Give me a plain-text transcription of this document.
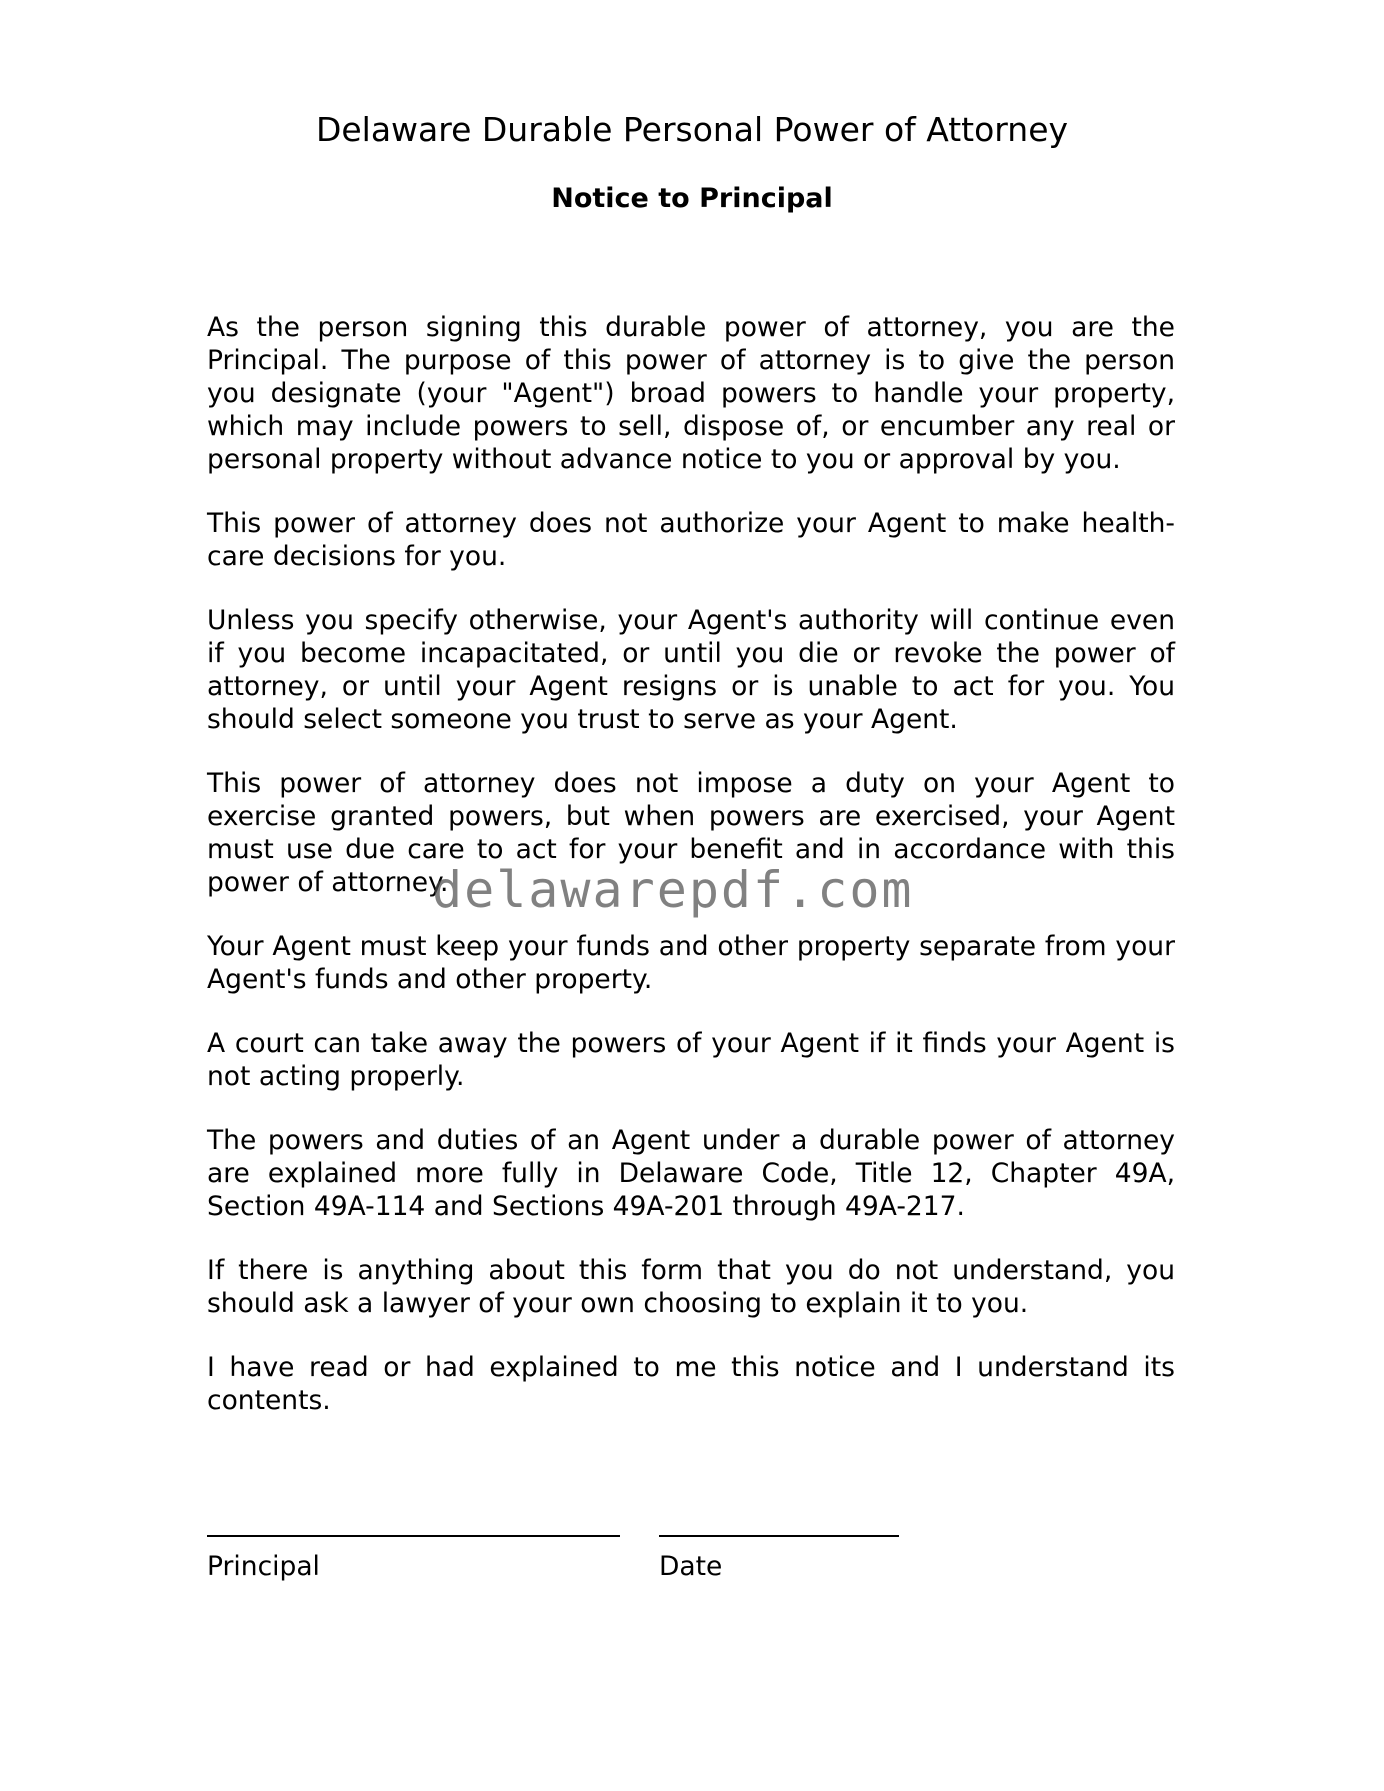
Delaware Durable Personal Power of Attorney
Notice to Principal

As the person signing this durable power of attorney, you are the Principal. The purpose of this power of attorney is to give the person you designate (your "Agent") broad powers to handle your property, which may include powers to sell, dispose of, or encumber any real or personal property without advance notice to you or approval by you.

This power of attorney does not authorize your Agent to make health-care decisions for you.

Unless you specify otherwise, your Agent's authority will continue even if you become incapacitated, or until you die or revoke the power of attorney, or until your Agent resigns or is unable to act for you. You should select someone you trust to serve as your Agent.

This power of attorney does not impose a duty on your Agent to exercise granted powers, but when powers are exercised, your Agent must use due care to act for your benefit and in accordance with this power of attorney.

Your Agent must keep your funds and other property separate from your Agent's funds and other property.

A court can take away the powers of your Agent if it finds your Agent is not acting properly.

The powers and duties of an Agent under a durable power of attorney are explained more fully in Delaware Code, Title 12, Chapter 49A, Section 49A-114 and Sections 49A-201 through 49A-217.

If there is anything about this form that you do not understand, you should ask a lawyer of your own choosing to explain it to you.

I have read or had explained to me this notice and I understand its contents.

delawarepdf.com
Principal	Date
